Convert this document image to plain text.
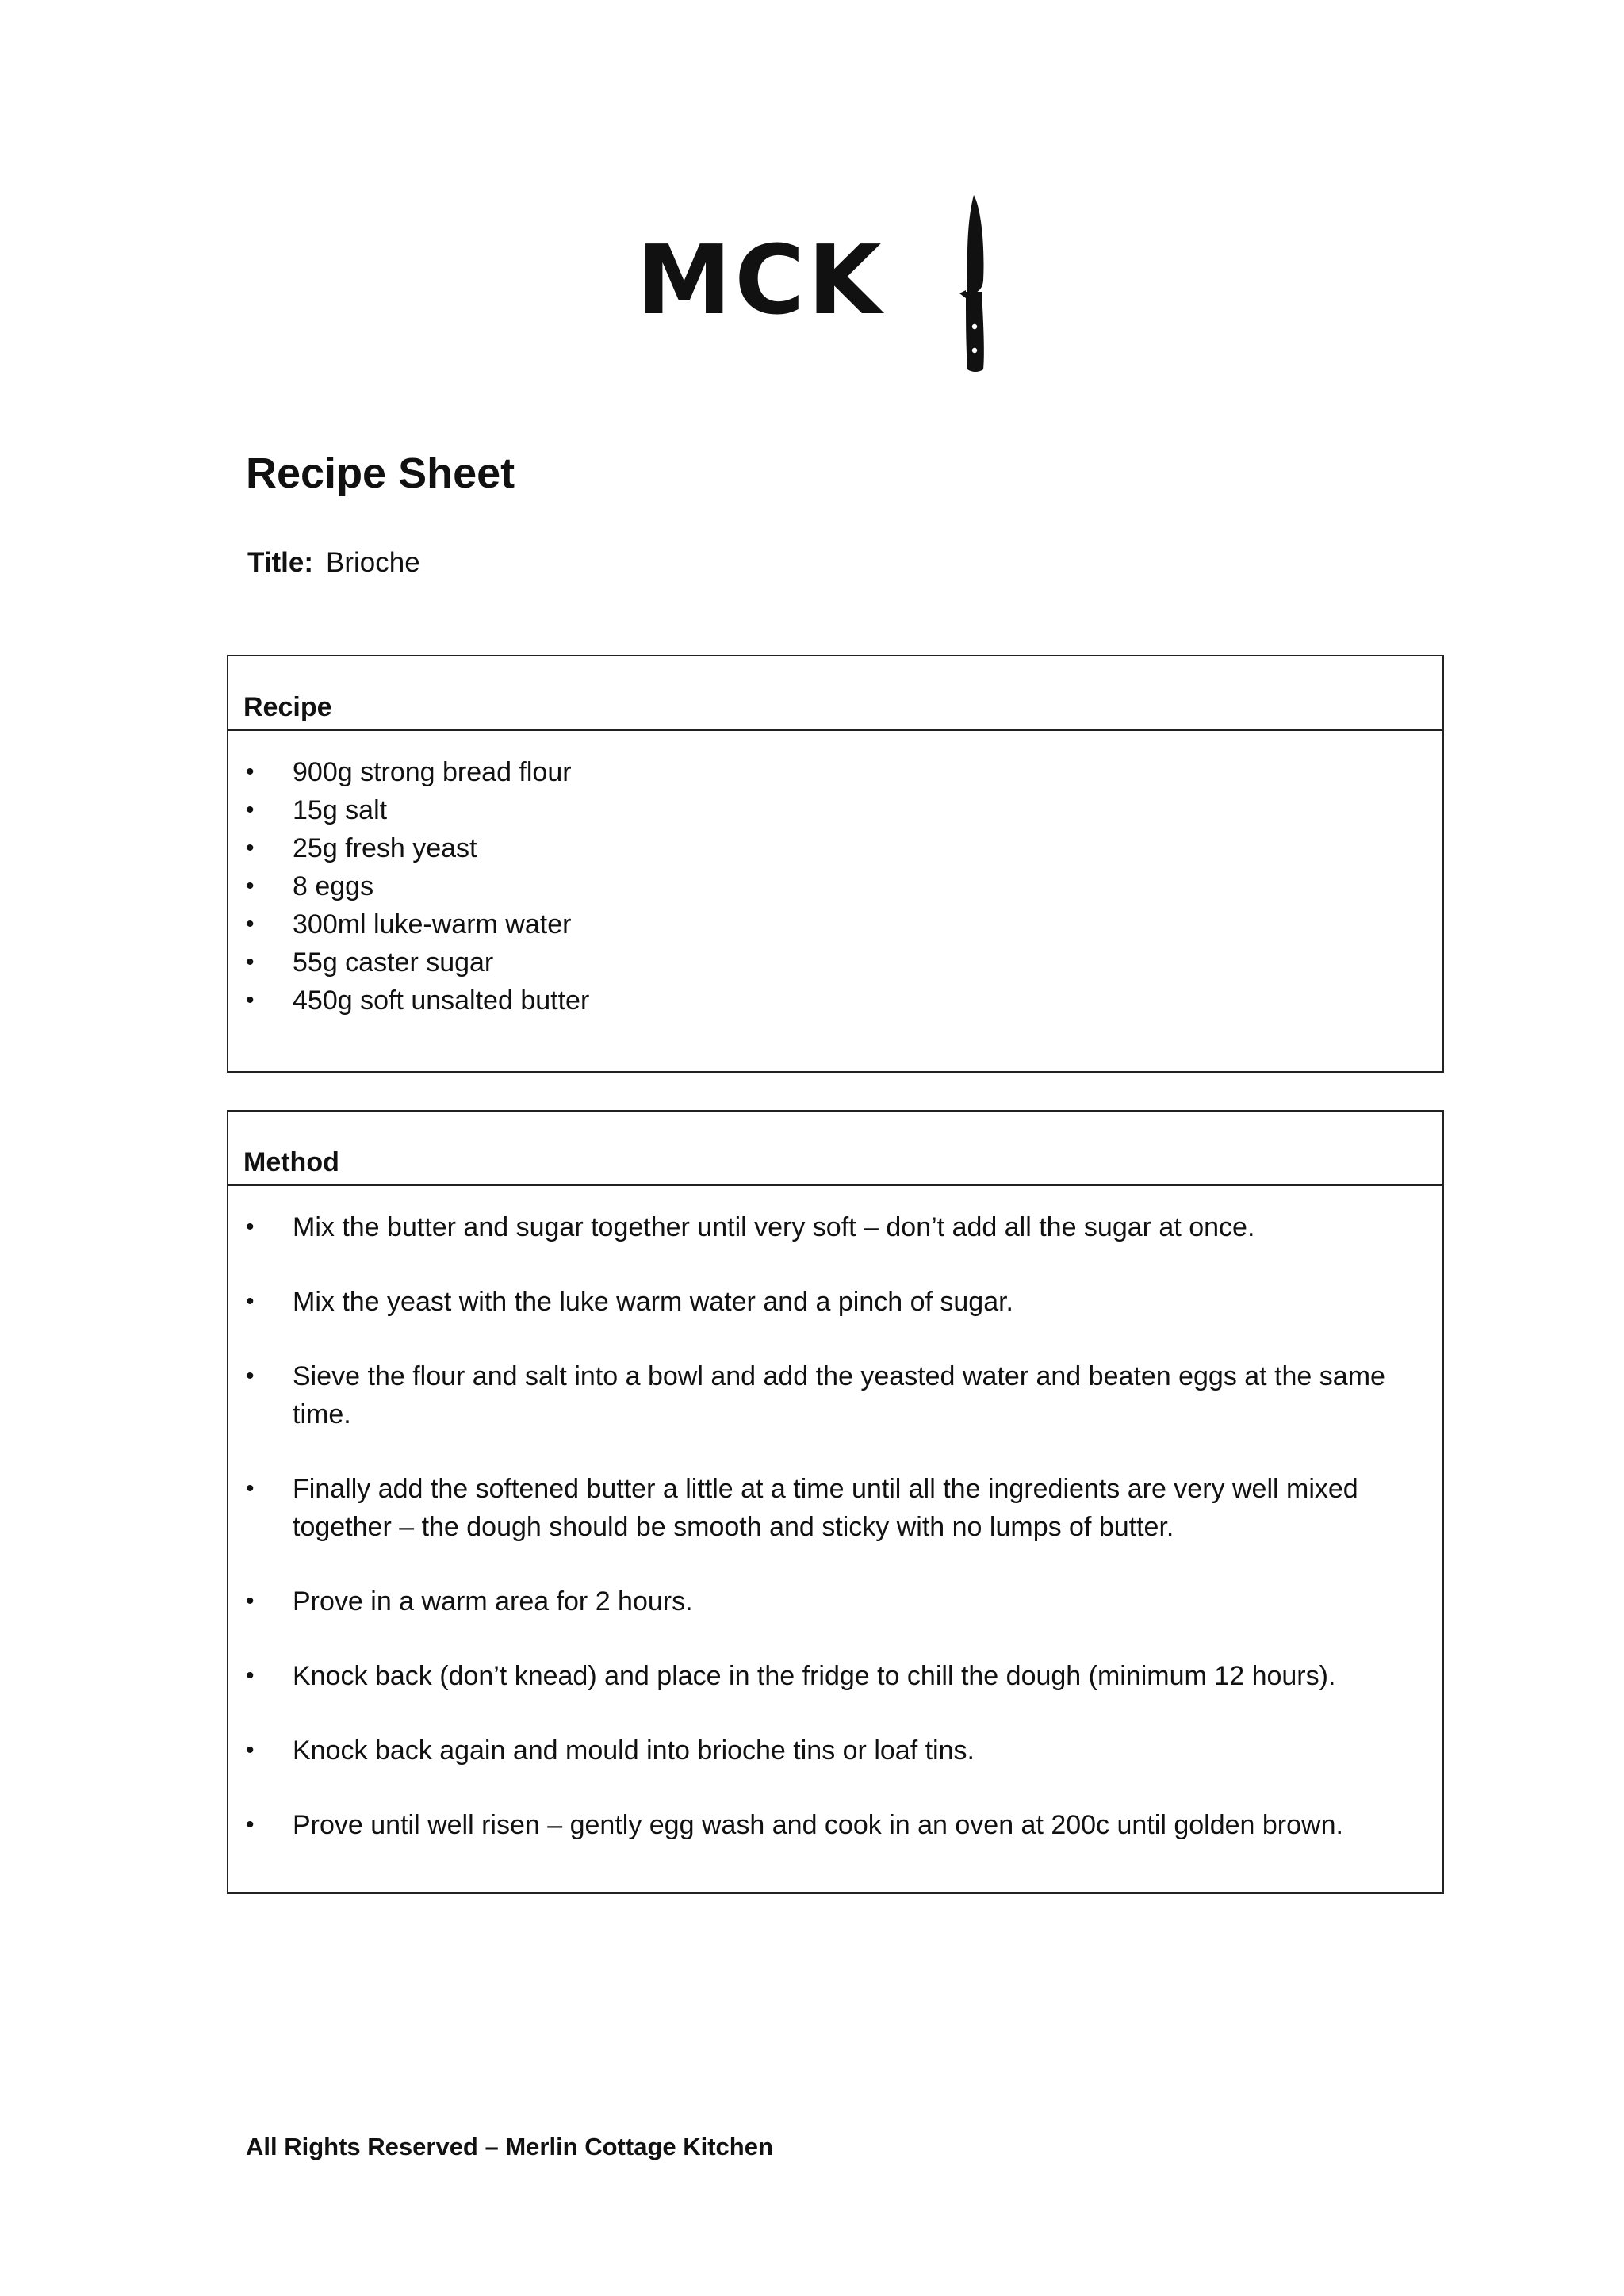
MCK
Recipe Sheet
Title: Brioche
Recipe
•	900g strong bread flour
•	15g salt
•	25g fresh yeast
•	8 eggs
•	300ml luke-warm water
•	55g caster sugar
•	450g soft unsalted butter
Method
•	Mix the butter and sugar together until very soft – don’t add all the sugar at once.
•	Mix the yeast with the luke warm water and a pinch of sugar.
•	Sieve the flour and salt into a bowl and add the yeasted water and beaten eggs at the same time.
•	Finally add the softened butter a little at a time until all the ingredients are very well mixed together – the dough should be smooth and sticky with no lumps of butter.
•	Prove in a warm area for 2 hours.
•	Knock back (don’t knead) and place in the fridge to chill the dough (minimum 12 hours).
•	Knock back again and mould into brioche tins or loaf tins.
•	Prove until well risen – gently egg wash and cook in an oven at 200c until golden brown.
All Rights Reserved – Merlin Cottage Kitchen
